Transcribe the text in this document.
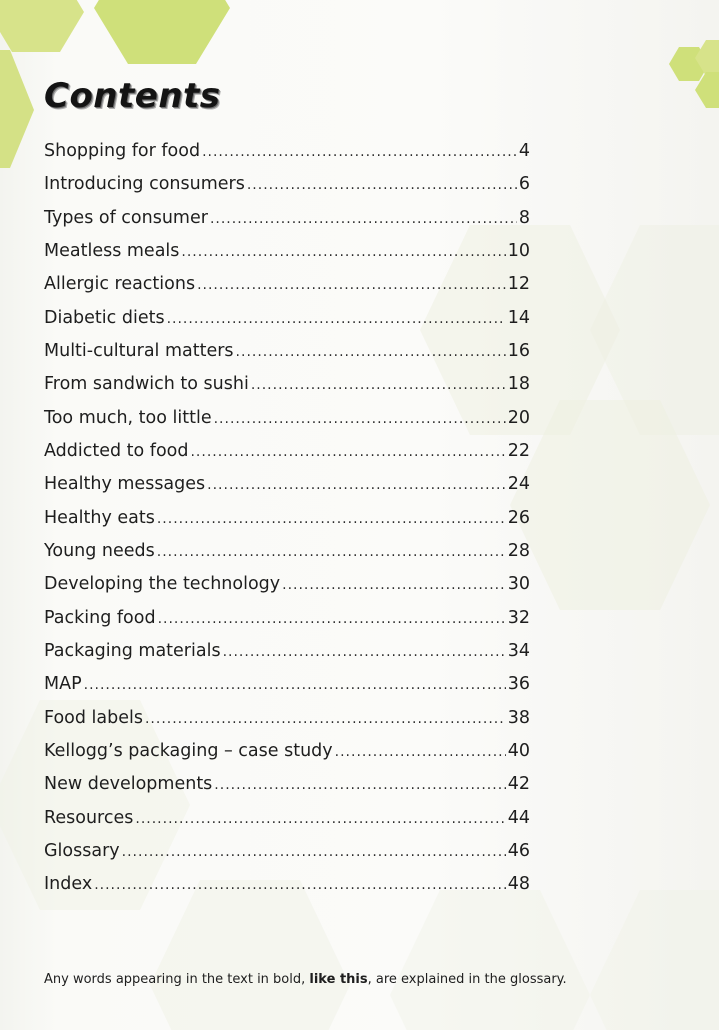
Contents
Shopping for food .....	4
Introducing consumers .....	6
Types of consumer .....	8
Meatless meals .....	10
Allergic reactions .....	12
Diabetic diets .....	14
Multi-cultural matters .....	16
From sandwich to sushi .....	18
Too much, too little .....	20
Addicted to food .....	22
Healthy messages .....	24
Healthy eats .....	26
Young needs .....	28
Developing the technology .....	30
Packing food .....	32
Packaging materials .....	34
MAP .....	36
Food labels .....	38
Kellogg’s packaging – case study .....	40
New developments .....	42
Resources .....	44
Glossary .....	46
Index .....	48

Any words appearing in the text in bold, like this, are explained in the glossary.
